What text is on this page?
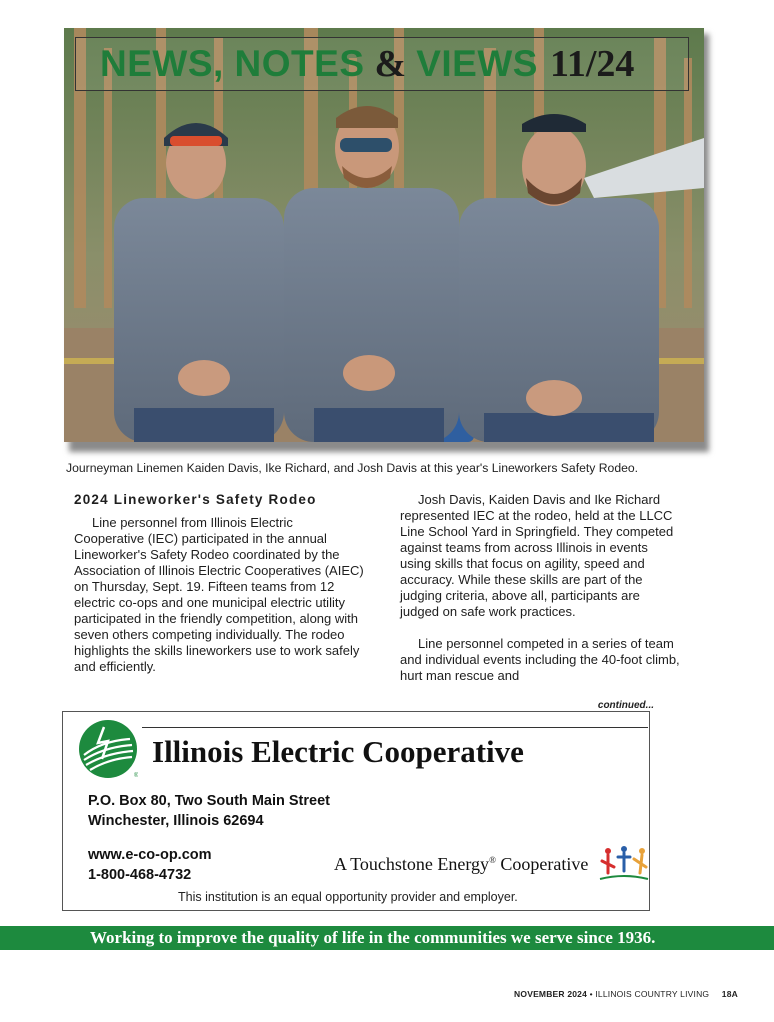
NEWS, NOTES & VIEWS 11/24
Journeyman Linemen Kaiden Davis, Ike Richard, and Josh Davis at this year's Lineworkers Safety Rodeo.
2024 Lineworker's Safety Rodeo

Line personnel from Illinois Electric Cooperative (IEC) participated in the annual Lineworker's Safety Rodeo coordinated by the Association of Illinois Electric Cooperatives (AIEC) on Thursday, Sept. 19. Fifteen teams from 12 electric co-ops and one municipal electric utility participated in the friendly competition, along with seven others competing individually. The rodeo highlights the skills lineworkers use to work safely and efficiently.

Josh Davis, Kaiden Davis and Ike Richard represented IEC at the rodeo, held at the LLCC Line School Yard in Springfield. They competed against teams from across Illinois in events using skills that focus on agility, speed and accuracy. While these skills are part of the judging criteria, above all, participants are judged on safe work practices.

Line personnel competed in a series of team and individual events including the 40-foot climb, hurt man rescue and

continued...
®
Illinois Electric Cooperative
P.O. Box 80, Two South Main Street
Winchester, Illinois 62694
www.e-co-op.com
1-800-468-4732
A Touchstone Energy® Cooperative
This institution is an equal opportunity provider and employer.
Working to improve the quality of life in the communities we serve since 1936.
NOVEMBER 2024 • ILLINOIS COUNTRY LIVING 18A
